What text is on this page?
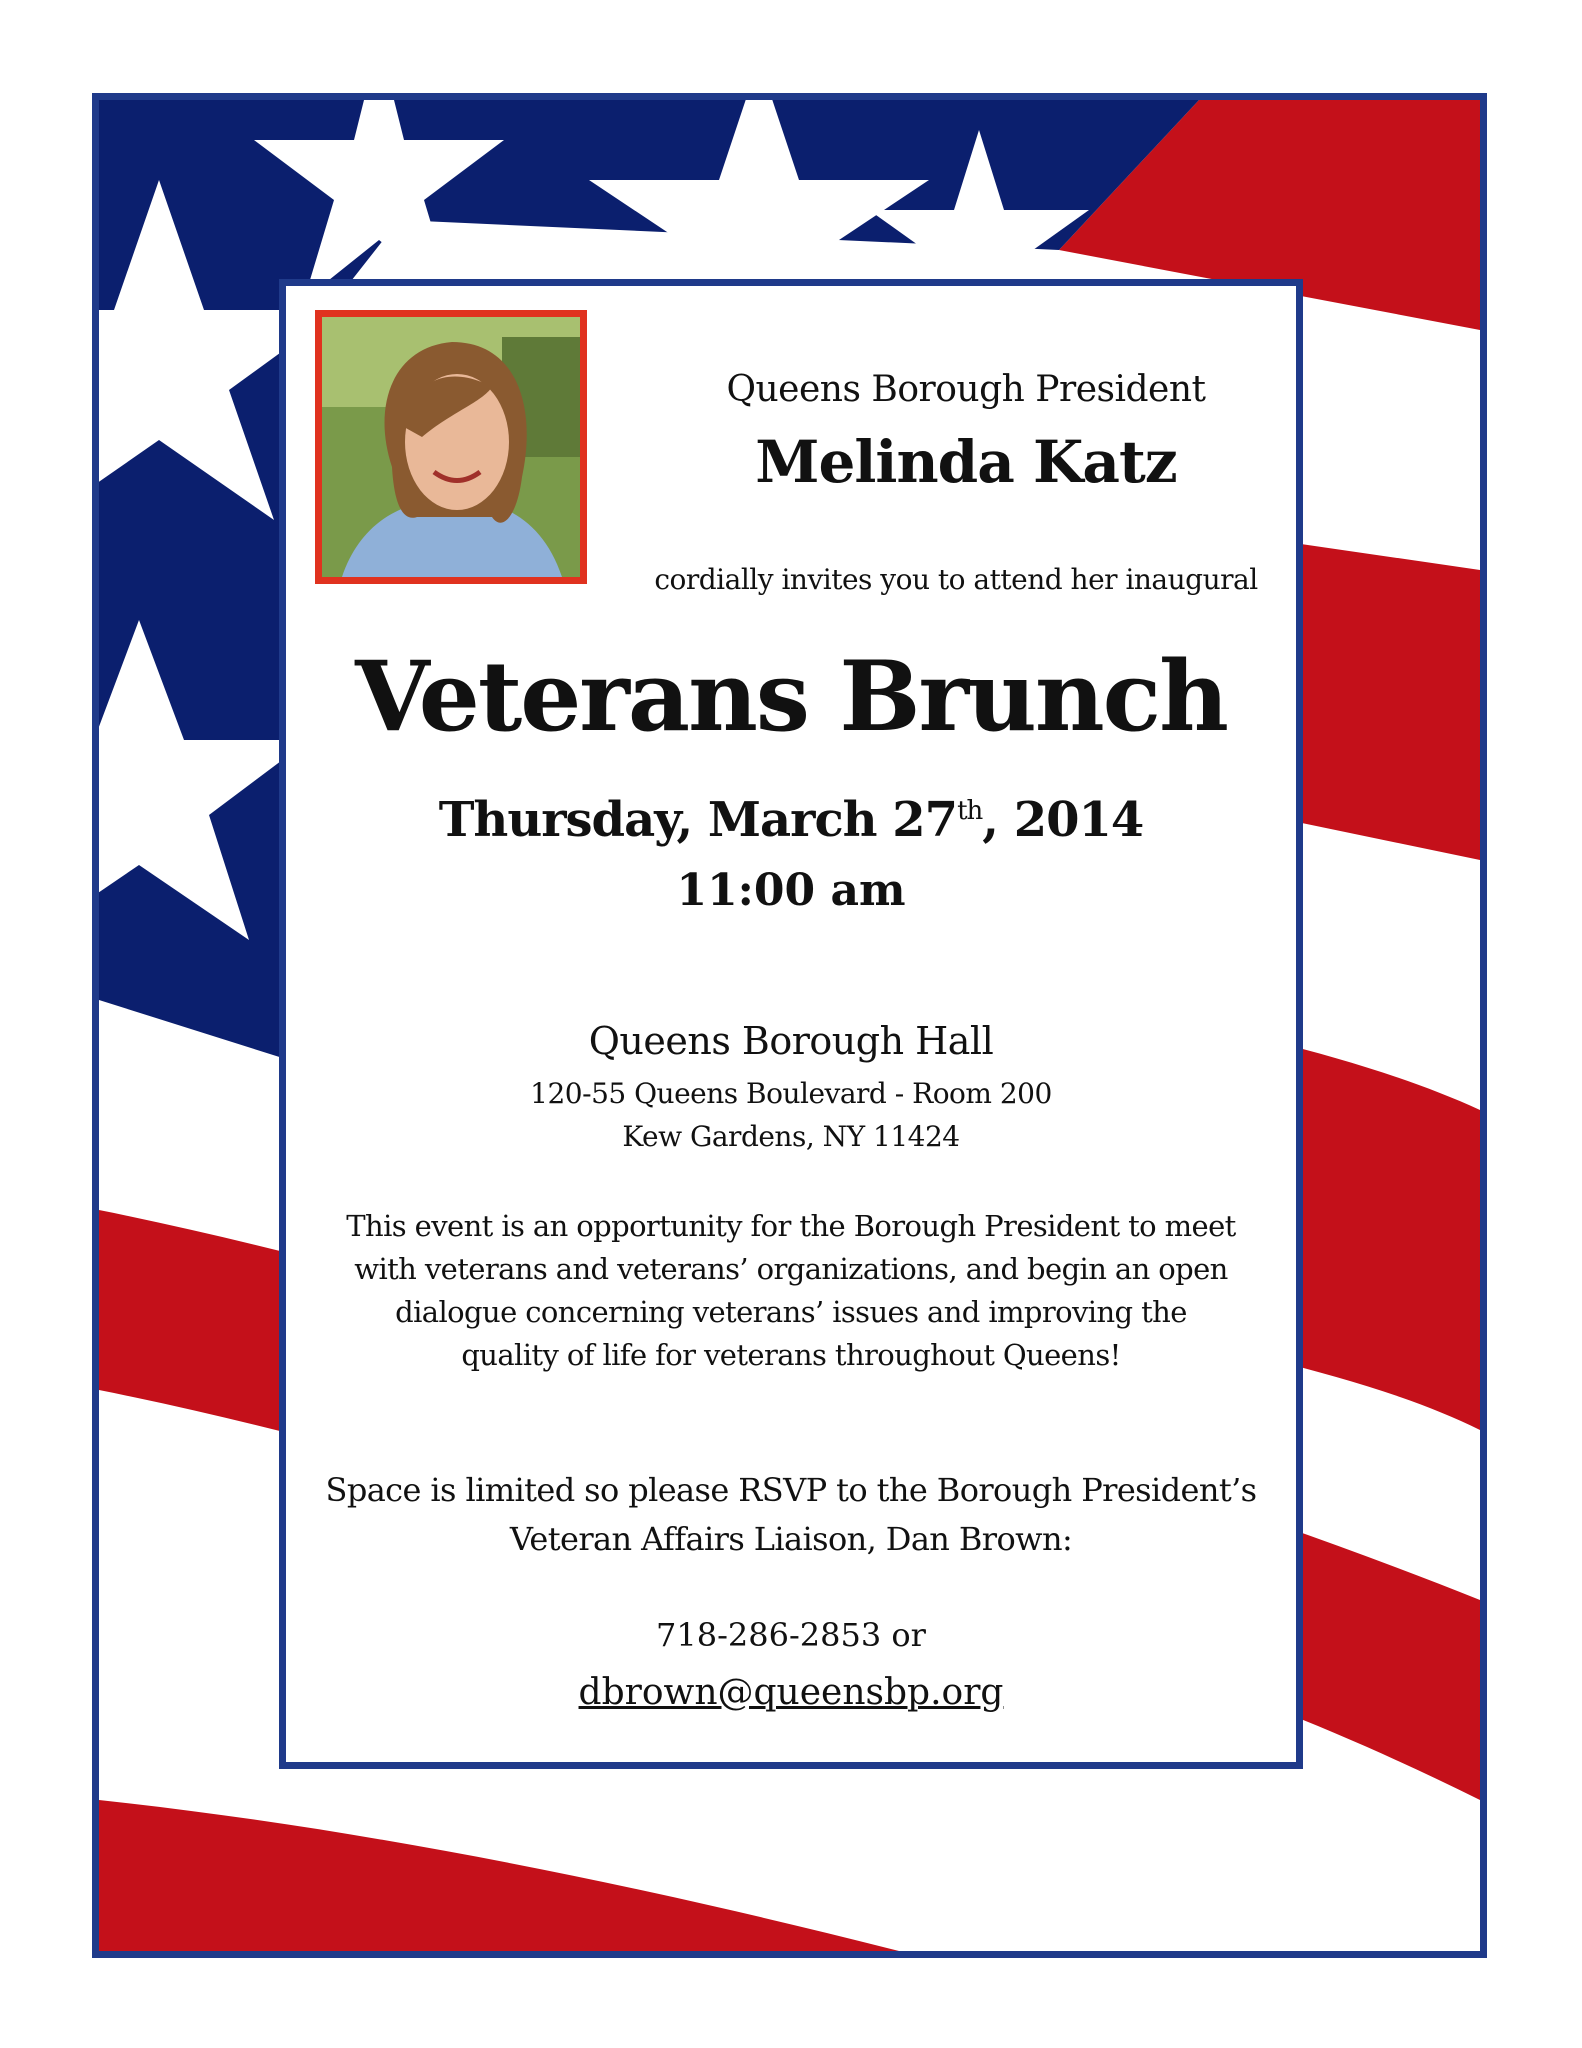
Queens Borough President
Melinda Katz
cordially invites you to attend her inaugural
Veterans Brunch
Thursday, March 27th, 2014
11:00 am
Queens Borough Hall
120-55 Queens Boulevard - Room 200
Kew Gardens, NY 11424
This event is an opportunity for the Borough President to meet with veterans and veterans’ organizations, and begin an open dialogue concerning veterans’ issues and improving the quality of life for veterans throughout Queens!
Space is limited so please RSVP to the Borough President’s Veteran Affairs Liaison, Dan Brown:
718-286-2853 or
dbrown@queensbp.org
